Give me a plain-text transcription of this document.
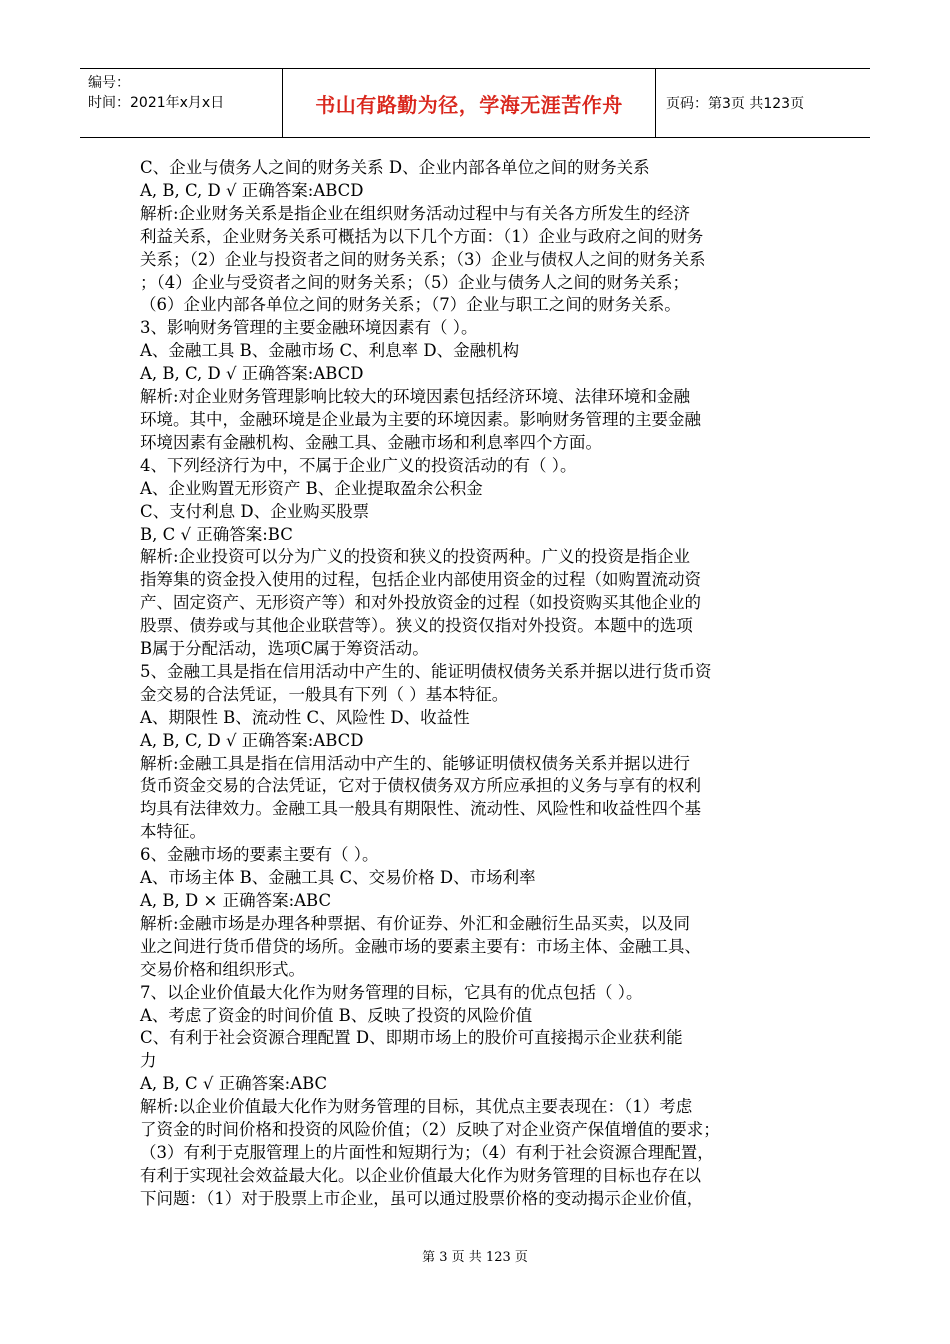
编号：
时间：2021年x月x日	书山有路勤为径，学海无涯苦作舟	页码：第3页 共123页

C、企业与债务人之间的财务关系 D、企业内部各单位之间的财务关系

A, B, C, D √ 正确答案:ABCD

解析:企业财务关系是指企业在组织财务活动过程中与有关各方所发生的经济

利益关系，企业财务关系可概括为以下几个方面：（1）企业与政府之间的财务

关系；（2）企业与投资者之间的财务关系；（3）企业与债权人之间的财务关系

；（4）企业与受资者之间的财务关系；（5）企业与债务人之间的财务关系；

（6）企业内部各单位之间的财务关系；（7）企业与职工之间的财务关系。

3、影响财务管理的主要金融环境因素有（ ）。

A、金融工具 B、金融市场 C、利息率 D、金融机构

A, B, C, D √ 正确答案:ABCD

解析:对企业财务管理影响比较大的环境因素包括经济环境、法律环境和金融

环境。其中，金融环境是企业最为主要的环境因素。影响财务管理的主要金融

环境因素有金融机构、金融工具、金融市场和利息率四个方面。

4、下列经济行为中，不属于企业广义的投资活动的有（ ）。

A、企业购置无形资产 B、企业提取盈余公积金

C、支付利息 D、企业购买股票

B, C √ 正确答案:BC

解析:企业投资可以分为广义的投资和狭义的投资两种。广义的投资是指企业

指筹集的资金投入使用的过程，包括企业内部使用资金的过程（如购置流动资

产、固定资产、无形资产等）和对外投放资金的过程（如投资购买其他企业的

股票、债券或与其他企业联营等）。狭义的投资仅指对外投资。本题中的选项

B属于分配活动，选项C属于筹资活动。

5、金融工具是指在信用活动中产生的、能证明债权债务关系并据以进行货币资

金交易的合法凭证，一般具有下列（ ）基本特征。

A、期限性 B、流动性 C、风险性 D、收益性

A, B, C, D √ 正确答案:ABCD

解析:金融工具是指在信用活动中产生的、能够证明债权债务关系并据以进行

货币资金交易的合法凭证，它对于债权债务双方所应承担的义务与享有的权利

均具有法律效力。金融工具一般具有期限性、流动性、风险性和收益性四个基

本特征。

6、金融市场的要素主要有（ ）。

A、市场主体 B、金融工具 C、交易价格 D、市场利率

A, B, D × 正确答案:ABC

解析:金融市场是办理各种票据、有价证券、外汇和金融衍生品买卖，以及同

业之间进行货币借贷的场所。金融市场的要素主要有：市场主体、金融工具、

交易价格和组织形式。

7、以企业价值最大化作为财务管理的目标，它具有的优点包括（ ）。

A、考虑了资金的时间价值 B、反映了投资的风险价值

C、有利于社会资源合理配置 D、即期市场上的股价可直接揭示企业获利能

力

A, B, C √ 正确答案:ABC

解析:以企业价值最大化作为财务管理的目标，其优点主要表现在：（1）考虑

了资金的时间价格和投资的风险价值；（2）反映了对企业资产保值增值的要求；

（3）有利于克服管理上的片面性和短期行为；（4）有利于社会资源合理配置，

有利于实现社会效益最大化。以企业价值最大化作为财务管理的目标也存在以

下问题：（1）对于股票上市企业，虽可以通过股票价格的变动揭示企业价值，

第 3 页 共 123 页
